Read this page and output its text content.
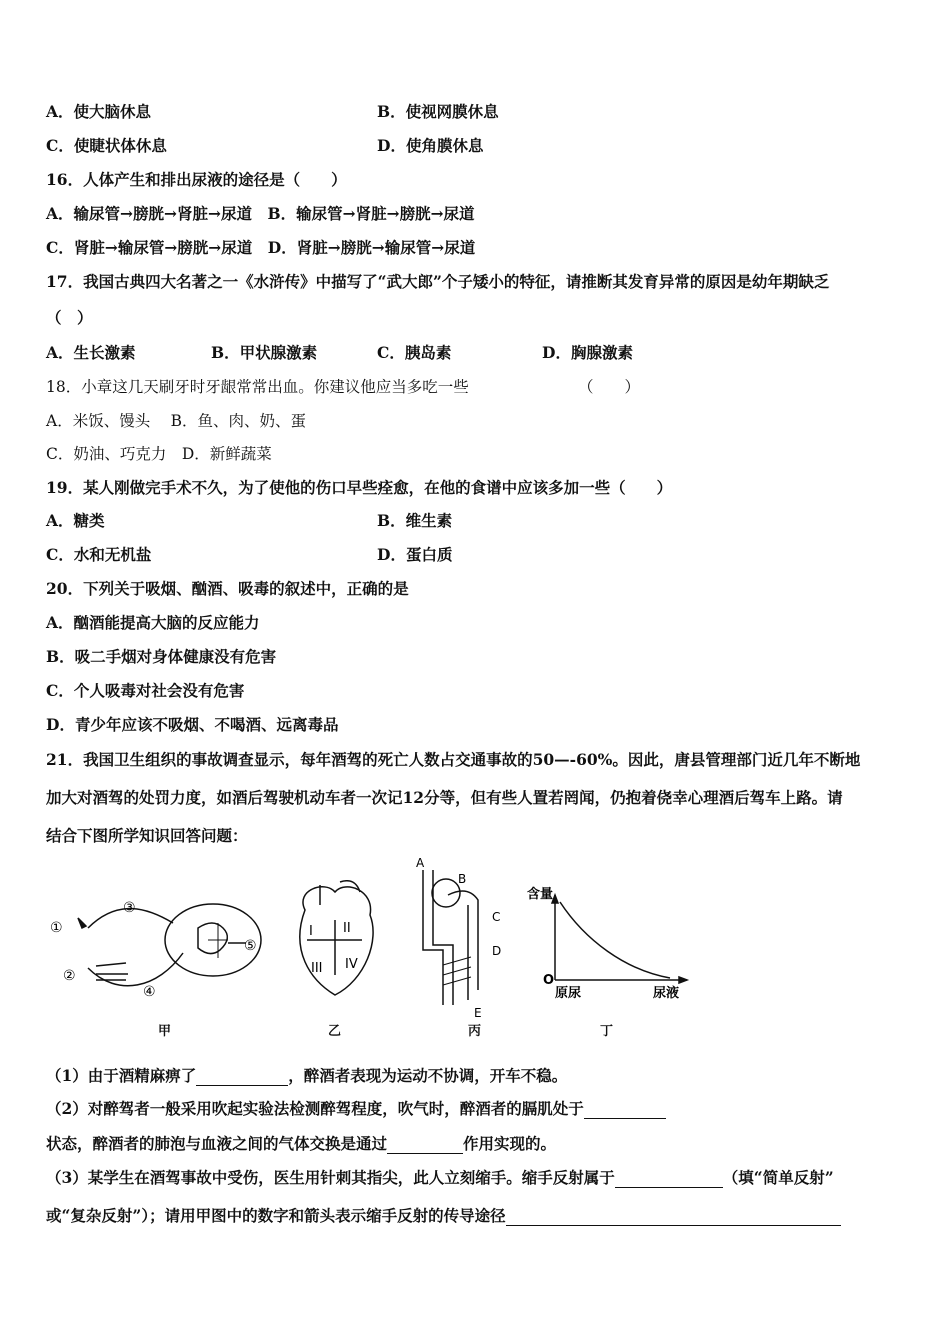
A．使大脑休息	B．使视网膜休息
C．使睫状体休息	D．使角膜休息
16．人体产生和排出尿液的途径是（　　）
A．输尿管→膀胱→肾脏→尿道　B．输尿管→肾脏→膀胱→尿道
C．肾脏→输尿管→膀胱→尿道　D．肾脏→膀胱→输尿管→尿道
17．我国古典四大名著之一《水浒传》中描写了“武大郎”个子矮小的特征，请推断其发育异常的原因是幼年期缺乏
（　）
A．生长激素	B．甲状腺激素	C．胰岛素	D．胸腺激素
18．小章这几天刷牙时牙龈常常出血。你建议他应当多吃一些	（　　）
A．米饭、馒头　 B．鱼、肉、奶、蛋
C．奶油、巧克力　D．新鲜蔬菜
19．某人刚做完手术不久，为了使他的伤口早些痊愈，在他的食谱中应该多加一些（　　）
A．糖类	B．维生素
C．水和无机盐	D．蛋白质
20．下列关于吸烟、酗酒、吸毒的叙述中，正确的是
A．酗酒能提高大脑的反应能力
B．吸二手烟对身体健康没有危害
C．个人吸毒对社会没有危害
D．青少年应该不吸烟、不喝酒、远离毒品
21．我国卫生组织的事故调查显示，每年酒驾的死亡人数占交通事故的50—-60%。因此，唐县管理部门近几年不断地
加大对酒驾的处罚力度，如酒后驾驶机动车者一次记12分等，但有些人置若罔闻，仍抱着侥幸心理酒后驾车上路。请
结合下图所学知识回答问题：
①
②
③
④
⑤
甲
I II
III IV
乙
A
B
C
D
E
丙
含量
O
原尿	尿液
丁
（1）由于酒精麻痹了	，醉酒者表现为运动不协调，开车不稳。
（2）对醉驾者一般采用吹起实验法检测醉驾程度，吹气时，醉酒者的膈肌处于
状态，醉酒者的肺泡与血液之间的气体交换是通过	作用实现的。
（3）某学生在酒驾事故中受伤，医生用针刺其指尖，此人立刻缩手。缩手反射属于	（填“简单反射”
或“复杂反射”）；请用甲图中的数字和箭头表示缩手反射的传导途径
